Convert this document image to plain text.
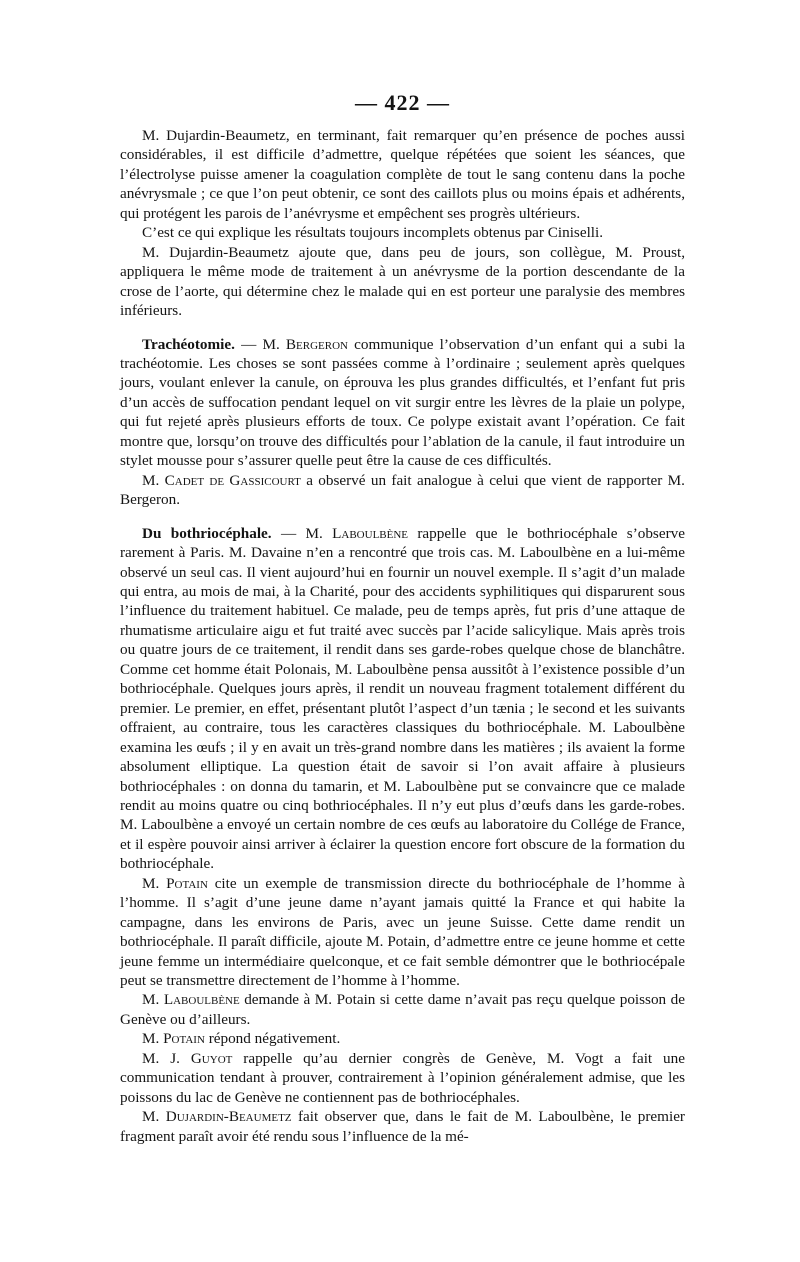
— 422 —

M. Dujardin-Beaumetz, en terminant, fait remarquer qu’en présence de poches aussi considérables, il est difficile d’admettre, quelque répétées que soient les séances, que l’électrolyse puisse amener la coagulation complète de tout le sang contenu dans la poche anévrysmale ; ce que l’on peut obtenir, ce sont des caillots plus ou moins épais et adhérents, qui protégent les parois de l’anévrysme et empêchent ses progrès ultérieurs.

C’est ce qui explique les résultats toujours incomplets obtenus par Ciniselli.

M. Dujardin-Beaumetz ajoute que, dans peu de jours, son collègue, M. Proust, appliquera le même mode de traitement à un anévrysme de la portion descendante de la crose de l’aorte, qui détermine chez le malade qui en est porteur une paralysie des membres inférieurs.

Trachéotomie. — M. Bergeron communique l’observation d’un enfant qui a subi la trachéotomie. Les choses se sont passées comme à l’ordinaire ; seulement après quelques jours, voulant enlever la canule, on éprouva les plus grandes difficultés, et l’enfant fut pris d’un accès de suffocation pendant lequel on vit surgir entre les lèvres de la plaie un polype, qui fut rejeté après plusieurs efforts de toux. Ce polype existait avant l’opération. Ce fait montre que, lorsqu’on trouve des difficultés pour l’ablation de la canule, il faut introduire un stylet mousse pour s’assurer quelle peut être la cause de ces difficultés.

M. Cadet de Gassicourt a observé un fait analogue à celui que vient de rapporter M. Bergeron.

Du bothriocéphale. — M. Laboulbène rappelle que le bothriocéphale s’observe rarement à Paris. M. Davaine n’en a rencontré que trois cas. M. Laboulbène en a lui-même observé un seul cas. Il vient aujourd’hui en fournir un nouvel exemple. Il s’agit d’un malade qui entra, au mois de mai, à la Charité, pour des accidents syphilitiques qui disparurent sous l’influence du traitement habituel. Ce malade, peu de temps après, fut pris d’une attaque de rhumatisme articulaire aigu et fut traité avec succès par l’acide salicylique. Mais après trois ou quatre jours de ce traitement, il rendit dans ses garde-robes quelque chose de blanchâtre. Comme cet homme était Polonais, M. Laboulbène pensa aussitôt à l’existence possible d’un bothriocéphale. Quelques jours après, il rendit un nouveau fragment totalement différent du premier. Le premier, en effet, présentant plutôt l’aspect d’un tænia ; le second et les suivants offraient, au contraire, tous les caractères classiques du bothriocéphale. M. Laboulbène examina les œufs ; il y en avait un très-grand nombre dans les matières ; ils avaient la forme absolument elliptique. La question était de savoir si l’on avait affaire à plusieurs bothriocéphales : on donna du tamarin, et M. Laboulbène put se convaincre que ce malade rendit au moins quatre ou cinq bothriocéphales. Il n’y eut plus d’œufs dans les garde-robes. M. Laboulbène a envoyé un certain nombre de ces œufs au laboratoire du Collége de France, et il espère pouvoir ainsi arriver à éclairer la question encore fort obscure de la formation du bothriocéphale.

M. Potain cite un exemple de transmission directe du bothriocéphale de l’homme à l’homme. Il s’agit d’une jeune dame n’ayant jamais quitté la France et qui habite la campagne, dans les environs de Paris, avec un jeune Suisse. Cette dame rendit un bothriocéphale. Il paraît difficile, ajoute M. Potain, d’admettre entre ce jeune homme et cette jeune femme un intermédiaire quelconque, et ce fait semble démontrer que le bothriocépale peut se transmettre directement de l’homme à l’homme.

M. Laboulbène demande à M. Potain si cette dame n’avait pas reçu quelque poisson de Genève ou d’ailleurs.

M. Potain répond négativement.

M. J. Guyot rappelle qu’au dernier congrès de Genève, M. Vogt a fait une communication tendant à prouver, contrairement à l’opinion généralement admise, que les poissons du lac de Genève ne contiennent pas de bothriocéphales.

M. Dujardin-Beaumetz fait observer que, dans le fait de M. Laboulbène, le premier fragment paraît avoir été rendu sous l’influence de la mé-
